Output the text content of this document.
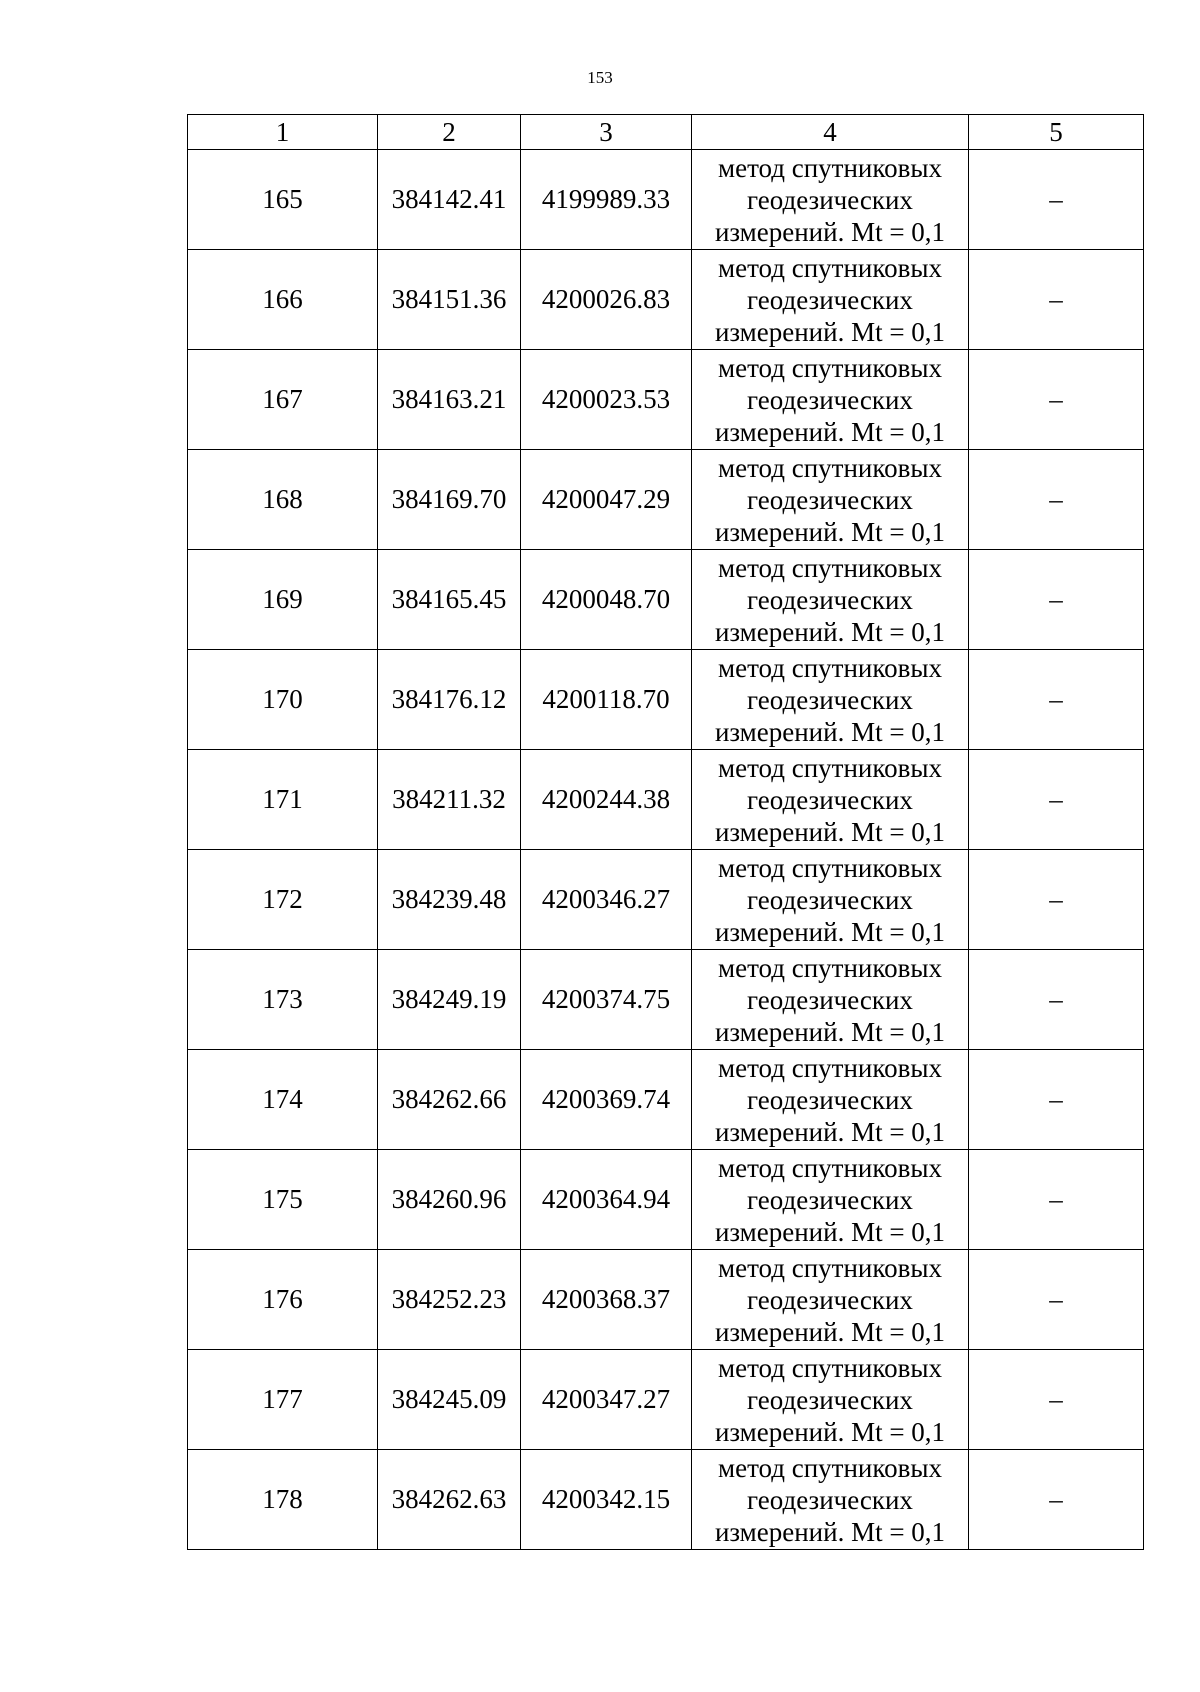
153
1	2	3	4	5
165	384142.41	4199989.33	метод спутниковых
геодезических
измерений. Mt = 0,1	–
166	384151.36	4200026.83	метод спутниковых
геодезических
измерений. Mt = 0,1	–
167	384163.21	4200023.53	метод спутниковых
геодезических
измерений. Mt = 0,1	–
168	384169.70	4200047.29	метод спутниковых
геодезических
измерений. Mt = 0,1	–
169	384165.45	4200048.70	метод спутниковых
геодезических
измерений. Mt = 0,1	–
170	384176.12	4200118.70	метод спутниковых
геодезических
измерений. Mt = 0,1	–
171	384211.32	4200244.38	метод спутниковых
геодезических
измерений. Mt = 0,1	–
172	384239.48	4200346.27	метод спутниковых
геодезических
измерений. Mt = 0,1	–
173	384249.19	4200374.75	метод спутниковых
геодезических
измерений. Mt = 0,1	–
174	384262.66	4200369.74	метод спутниковых
геодезических
измерений. Mt = 0,1	–
175	384260.96	4200364.94	метод спутниковых
геодезических
измерений. Mt = 0,1	–
176	384252.23	4200368.37	метод спутниковых
геодезических
измерений. Mt = 0,1	–
177	384245.09	4200347.27	метод спутниковых
геодезических
измерений. Mt = 0,1	–
178	384262.63	4200342.15	метод спутниковых
геодезических
измерений. Mt = 0,1	–
